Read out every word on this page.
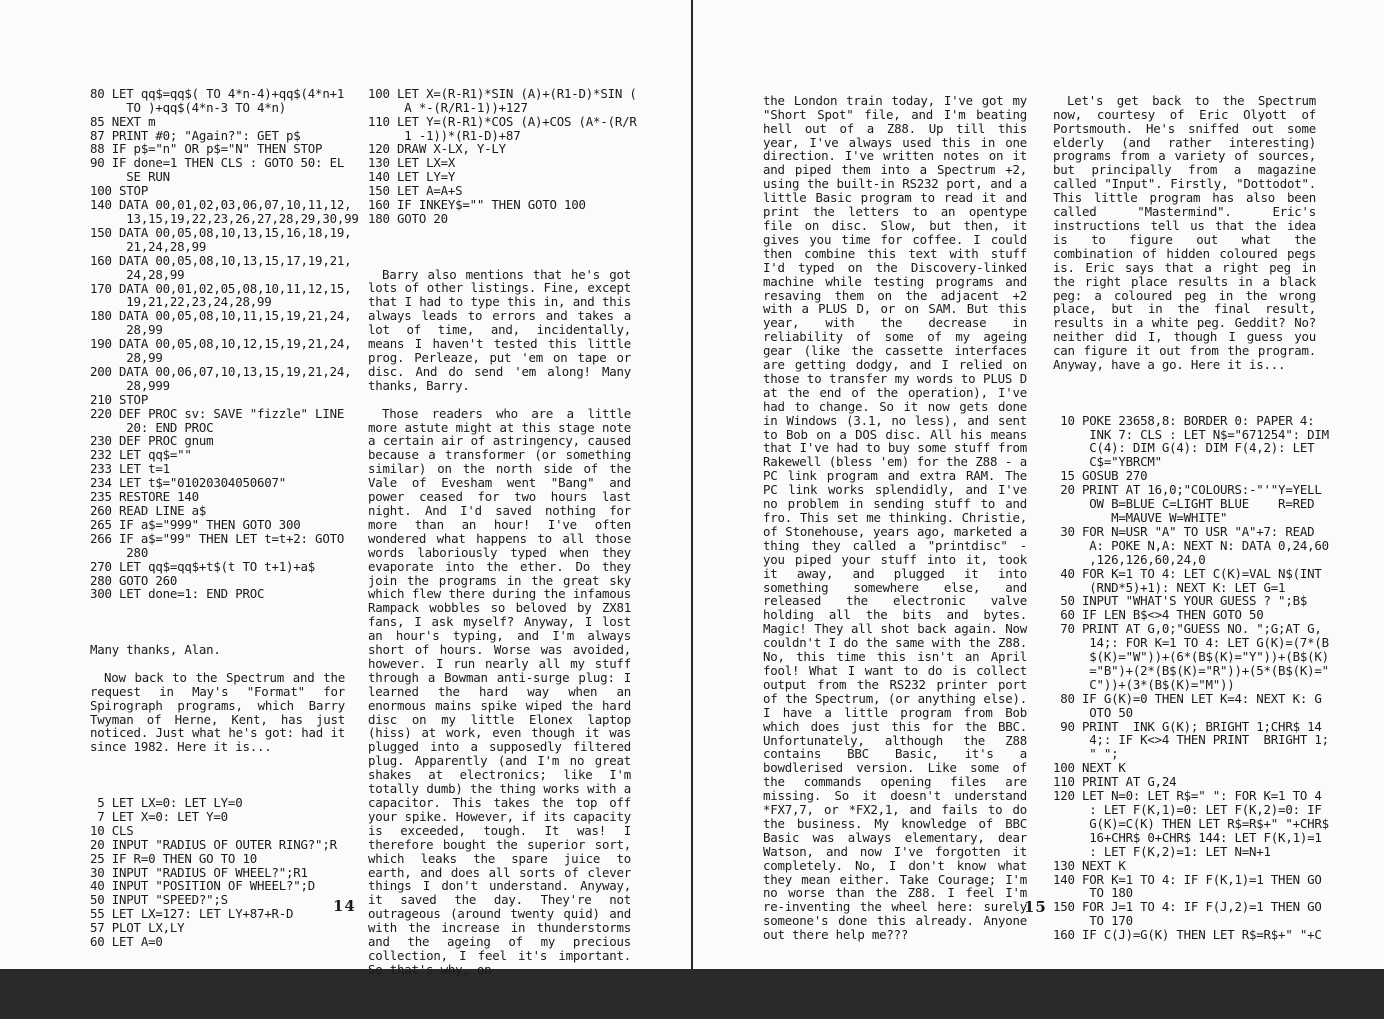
80 LET qq$=qq$( TO 4*n-4)+qq$(4*n+1
TO )+qq$(4*n-3 TO 4*n)
85 NEXT m
87 PRINT #0; "Again?": GET p$
88 IF p$="n" OR p$="N" THEN STOP
90 IF done=1 THEN CLS : GOTO 50: EL
SE RUN
100 STOP
140 DATA 00,01,02,03,06,07,10,11,12,
13,15,19,22,23,26,27,28,29,30,99
150 DATA 00,05,08,10,13,15,16,18,19,
21,24,28,99
160 DATA 00,05,08,10,13,15,17,19,21,
24,28,99
170 DATA 00,01,02,05,08,10,11,12,15,
19,21,22,23,24,28,99
180 DATA 00,05,08,10,11,15,19,21,24,
28,99
190 DATA 00,05,08,10,12,15,19,21,24,
28,99
200 DATA 00,06,07,10,13,15,19,21,24,
28,999
210 STOP
220 DEF PROC sv: SAVE "fizzle" LINE
20: END PROC
230 DEF PROC gnum
232 LET qq$=""
233 LET t=1
234 LET t$="01020304050607"
235 RESTORE 140
260 READ LINE a$
265 IF a$="999" THEN GOTO 300
266 IF a$="99" THEN LET t=t+2: GOTO
280
270 LET qq$=qq$+t$(t TO t+1)+a$
280 GOTO 260
300 LET done=1: END PROC

Many thanks, Alan.

Now back to the Spectrum and the request in May's "Format" for Spirograph programs, which Barry Twyman of Herne, Kent, has just noticed. Just what he's got: had it since 1982. Here it is...

5 LET LX=0: LET LY=0
7 LET X=0: LET Y=0
10 CLS
20 INPUT "RADIUS OF OUTER RING?";R
25 IF R=0 THEN GO TO 10
30 INPUT "RADIUS OF WHEEL?";R1
40 INPUT "POSITION OF WHEEL?";D
50 INPUT "SPEED?";S
55 LET LX=127: LET LY+87+R-D
57 PLOT LX,LY
60 LET A=0

100 LET X=(R-R1)*SIN (A)+(R1-D)*SIN (
A *-(R/R1-1))+127
110 LET Y=(R-R1)*COS (A)+COS (A*-(R/R
1 -1))*(R1-D)+87
120 DRAW X-LX, Y-LY
130 LET LX=X
140 LET LY=Y
150 LET A=A+S
160 IF INKEY$="" THEN GOTO 100
180 GOTO 20

Barry also mentions that he's got lots of other listings. Fine, except that I had to type this in, and this always leads to errors and takes a lot of time, and, incidentally, means I haven't tested this little prog. Perleaze, put 'em on tape or disc. And do send 'em along! Many thanks, Barry.

Those readers who are a little more astute might at this stage note a certain air of astringency, caused because a transformer (or something similar) on the north side of the Vale of Evesham went "Bang" and power ceased for two hours last night. And I'd saved nothing for more than an hour! I've often wondered what happens to all those words laboriously typed when they evaporate into the ether. Do they join the programs in the great sky which flew there during the infamous Rampack wobbles so beloved by ZX81 fans, I ask myself? Anyway, I lost an hour's typing, and I'm always short of hours. Worse was avoided, however. I run nearly all my stuff through a Bowman anti-surge plug: I learned the hard way when an enormous mains spike wiped the hard disc on my little Elonex laptop (hiss) at work, even though it was plugged into a supposedly filtered plug. Apparently (and I'm no great shakes at electronics; like I'm totally dumb) the thing works with a capacitor. This takes the top off your spike. However, if its capacity is exceeded, tough. It was! I therefore bought the superior sort, which leaks the spare juice to earth, and does all sorts of clever things I don't understand. Anyway, it saved the day. They're not outrageous (around twenty quid) and with the increase in thunderstorms and the ageing of my precious collection, I feel it's important. So that's why, on

14

the London train today, I've got my "Short Spot" file, and I'm beating hell out of a Z88. Up till this year, I've always used this in one direction. I've written notes on it and piped them into a Spectrum +2, using the built-in RS232 port, and a little Basic program to read it and print the letters to an opentype file on disc. Slow, but then, it gives you time for coffee. I could then combine this text with stuff I'd typed on the Discovery-linked machine while testing programs and resaving them on the adjacent +2 with a PLUS D, or on SAM. But this year, with the decrease in reliability of some of my ageing gear (like the cassette interfaces are getting dodgy, and I relied on those to transfer my words to PLUS D at the end of the operation), I've had to change. So it now gets done in Windows (3.1, no less), and sent to Bob on a DOS disc. All his means that I've had to buy some stuff from Rakewell (bless 'em) for the Z88 - a PC link program and extra RAM. The PC link works splendidly, and I've no problem in sending stuff to and fro. This set me thinking. Christie, of Stonehouse, years ago, marketed a thing they called a "printdisc" - you piped your stuff into it, took it away, and plugged it into something somewhere else, and released the electronic valve holding all the bits and bytes. Magic! They all shot back again. Now couldn't I do the same with the Z88. No, this time this isn't an April fool! What I want to do is collect output from the RS232 printer port of the Spectrum, (or anything else). I have a little program from Bob which does just this for the BBC. Unfortunately, although the Z88 contains BBC Basic, it's a bowdlerised version. Like some of the commands opening files are missing. So it doesn't understand *FX7,7, or *FX2,1, and fails to do the business. My knowledge of BBC Basic was always elementary, dear Watson, and now I've forgotten it completely. No, I don't know what they mean either. Take Courage; I'm no worse than the Z88. I feel I'm re-inventing the wheel here: surely someone's done this already. Anyone out there help me???

Let's get back to the Spectrum now, courtesy of Eric Olyott of Portsmouth. He's sniffed out some elderly (and rather interesting) programs from a variety of sources, but principally from a magazine called "Input". Firstly, "Dottodot". This little program has also been called "Mastermind". Eric's instructions tell us that the idea is to figure out what the combination of hidden coloured pegs is. Eric says that a right peg in the right place results in a black peg: a coloured peg in the wrong place, but in the final result, results in a white peg. Geddit? No? neither did I, though I guess you can figure it out from the program. Anyway, have a go. Here it is...

10 POKE 23658,8: BORDER 0: PAPER 4:
INK 7: CLS : LET N$="671254": DIM
C(4): DIM G(4): DIM F(4,2): LET
C$="YBRCM"
15 GOSUB 270
20 PRINT AT 16,0;"COLOURS:-"'"Y=YELL
OW B=BLUE C=LIGHT BLUE    R=RED
M=MAUVE W=WHITE"
30 FOR N=USR "A" TO USR "A"+7: READ
A: POKE N,A: NEXT N: DATA 0,24,60
,126,126,60,24,0
40 FOR K=1 TO 4: LET C(K)=VAL N$(INT
(RND*5)+1): NEXT K: LET G=1
50 INPUT "WHAT'S YOUR GUESS ? ";B$
60 IF LEN B$<>4 THEN GOTO 50
70 PRINT AT G,0;"GUESS NO. ";G;AT G,
14;: FOR K=1 TO 4: LET G(K)=(7*(B
$(K)="W"))+(6*(B$(K)="Y"))+(B$(K)
="B")+(2*(B$(K)="R"))+(5*(B$(K)="
C"))+(3*(B$(K)="M"))
80 IF G(K)=0 THEN LET K=4: NEXT K: G
OTO 50
90 PRINT  INK G(K); BRIGHT 1;CHR$ 14
4;: IF K<>4 THEN PRINT  BRIGHT 1;
" ";
100 NEXT K
110 PRINT AT G,24
120 LET N=0: LET R$=" ": FOR K=1 TO 4
: LET F(K,1)=0: LET F(K,2)=0: IF
G(K)=C(K) THEN LET R$=R$+" "+CHR$
16+CHR$ 0+CHR$ 144: LET F(K,1)=1
: LET F(K,2)=1: LET N=N+1
130 NEXT K
140 FOR K=1 TO 4: IF F(K,1)=1 THEN GO
TO 180
150 FOR J=1 TO 4: IF F(J,2)=1 THEN GO
TO 170
160 IF C(J)=G(K) THEN LET R$=R$+" "+C

15
